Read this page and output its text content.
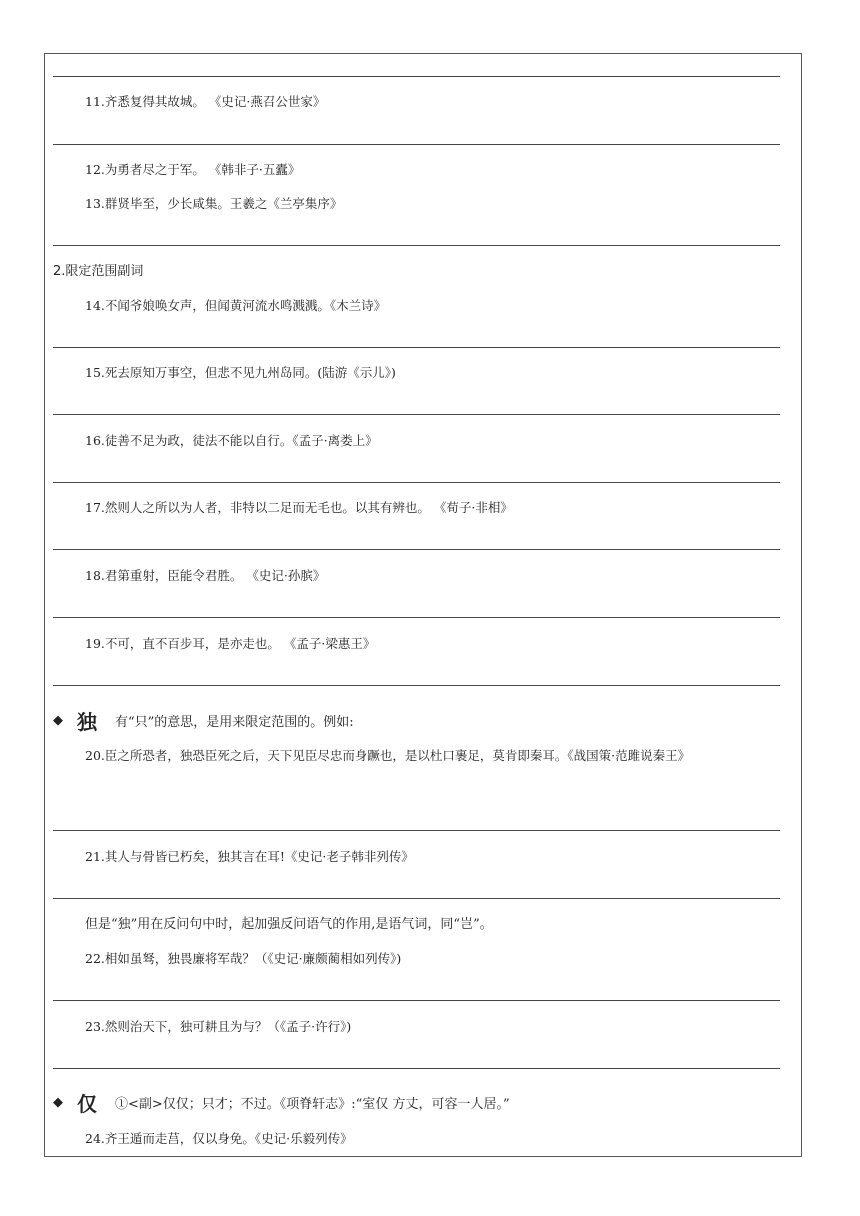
11.齐悉复得其故城。 《史记·燕召公世家》
12.为勇者尽之于军。 《韩非子·五蠹》
13.群贤毕至，少长咸集。王羲之《兰亭集序》
2.限定范围副词
14.不闻爷娘唤女声，但闻黄河流水鸣溅溅。《木兰诗》
15.死去原知万事空，但悲不见九州岛同。(陆游《示儿》)
16.徒善不足为政，徒法不能以自行。《孟子·离娄上》
17.然则人之所以为人者，非特以二足而无毛也。以其有辨也。 《荀子·非相》
18.君第重射，臣能令君胜。 《史记·孙膑》
19.不可，直不百步耳，是亦走也。 《孟子·梁惠王》
◆ 独 有“只”的意思，是用来限定范围的。例如:
20.臣之所恐者，独恐臣死之后，天下见臣尽忠而身蹶也，是以杜口裹足，莫肯即秦耳。《战国策·范雎说秦王》
21.其人与骨皆已朽矣，独其言在耳!《史记·老子韩非列传》
但是“独”用在反问句中时，起加强反问语气的作用,是语气词，同“岂”。
22.相如虽驽，独畏廉将军哉？（《史记·廉颇蔺相如列传》)
23.然则治天下，独可耕且为与？（《孟子·许行》)
◆ 仅 ①<副>仅仅；只才；不过。《项脊轩志》:“室仅 方丈，可容一人居。”
24.齐王遁而走莒，仅以身免。《史记·乐毅列传》
